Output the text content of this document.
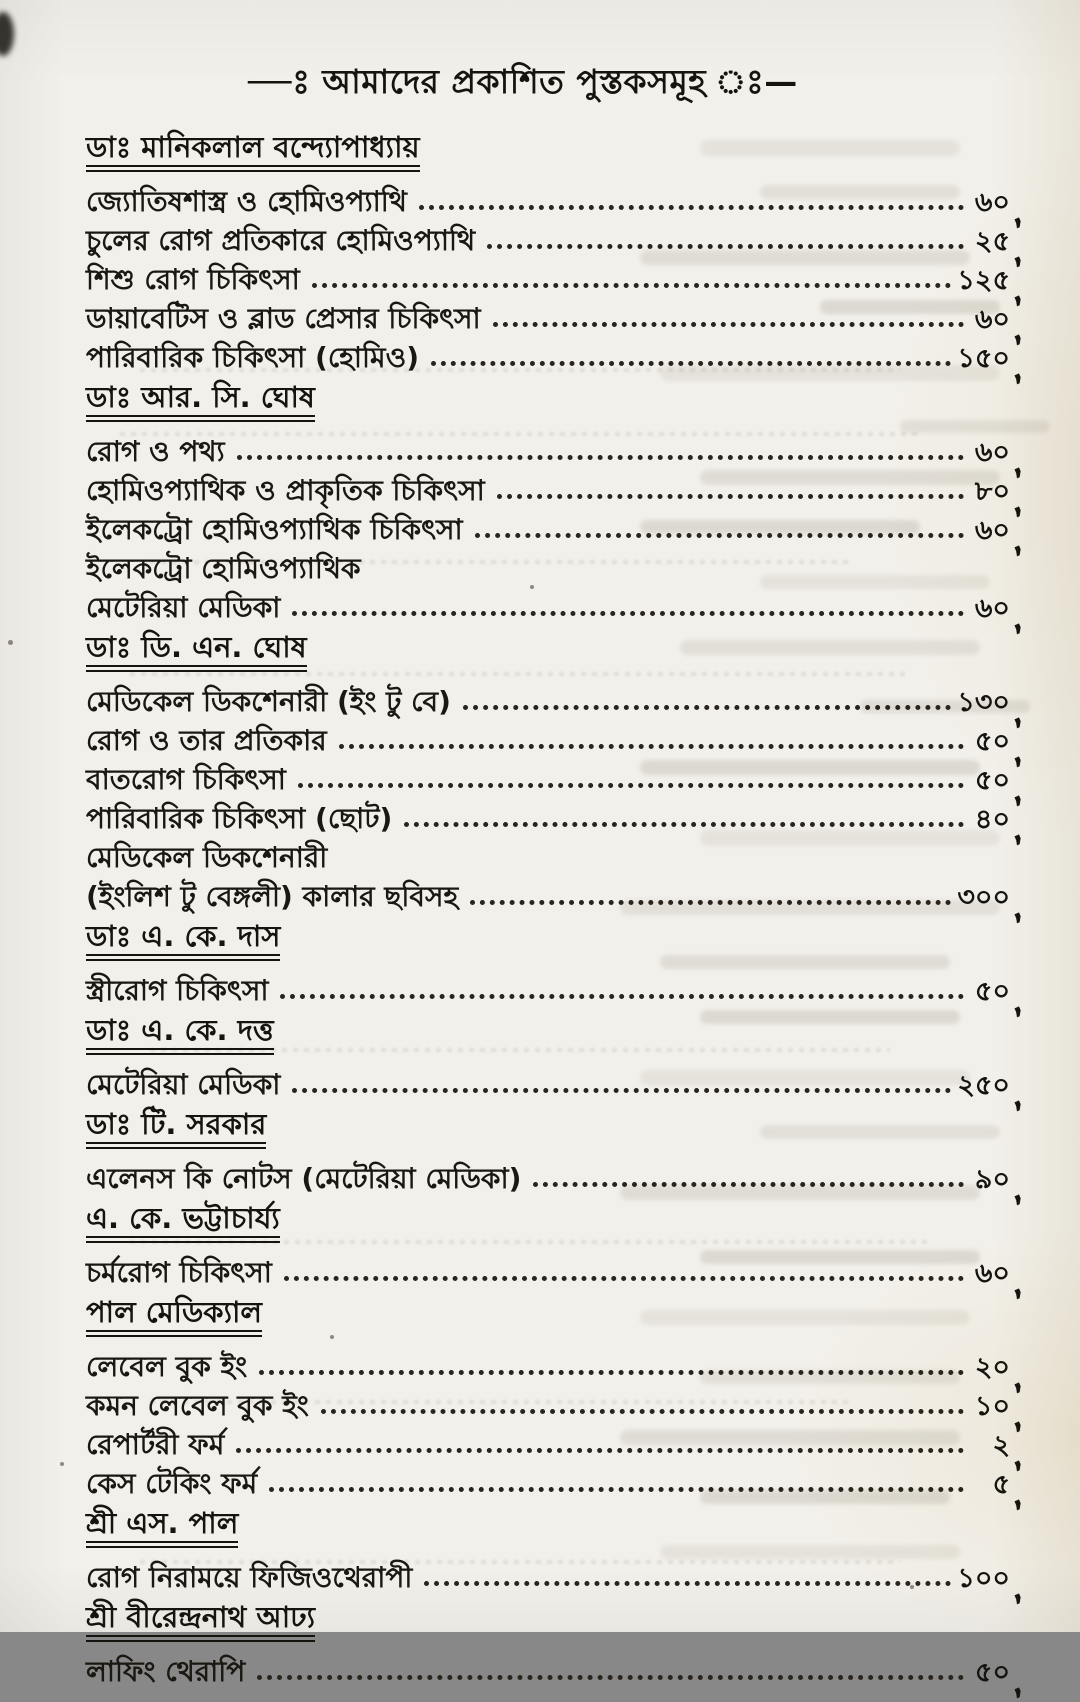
—ঃ আমাদের প্রকাশিত পুস্তকসমূহ ঃ—
ডাঃ মানিকলাল বন্দ্যোপাধ্যায়
জ্যোতিষশাস্ত্র ও হোমিওপ্যাথি	৬০ ,
চুলের রোগ প্রতিকারে হোমিওপ্যাথি	২৫ ,
শিশু রোগ চিকিৎসা	১২৫ ,
ডায়াবেটিস ও ব্লাড প্রেসার চিকিৎসা	৬০ ,
পারিবারিক চিকিৎসা (হোমিও)	১৫০ ,
ডাঃ আর. সি. ঘোষ
রোগ ও পথ্য	৬০ ,
হোমিওপ্যাথিক ও প্রাকৃতিক চিকিৎসা	৮০ ,
ইলেকট্রো হোমিওপ্যাথিক চিকিৎসা	৬০ ,
ইলেকট্রো হোমিওপ্যাথিক
মেটেরিয়া মেডিকা	৬০ ,
ডাঃ ডি. এন. ঘোষ
মেডিকেল ডিকশেনারী (ইং টু বে)	১৩০ ,
রোগ ও তার প্রতিকার	৫০ ,
বাতরোগ চিকিৎসা	৫০ ,
পারিবারিক চিকিৎসা (ছোট)	৪০ ,
মেডিকেল ডিকশেনারী
(ইংলিশ টু বেঙ্গলী) কালার ছবিসহ	৩০০ ,
ডাঃ এ. কে. দাস
স্ত্রীরোগ চিকিৎসা	৫০ ,
ডাঃ এ. কে. দত্ত
মেটেরিয়া মেডিকা	২৫০ ,
ডাঃ টি. সরকার
এলেনস কি নোটস (মেটেরিয়া মেডিকা)	৯০ ,
এ. কে. ভট্টাচার্য্য
চর্মরোগ চিকিৎসা	৬০ ,
পাল মেডিক্যাল
লেবেল বুক ইং	২০ ,
কমন লেবেল বুক ইং	১০ ,
রেপার্টরী ফর্ম	২ ,
কেস টেকিং ফর্ম	৫ ,
শ্রী এস. পাল
রোগ নিরাময়ে ফিজিওথেরাপী	১০০ ,
শ্রী বীরেন্দ্রনাথ আঢ্য
লাফিং থেরাপি	৫০ ,
